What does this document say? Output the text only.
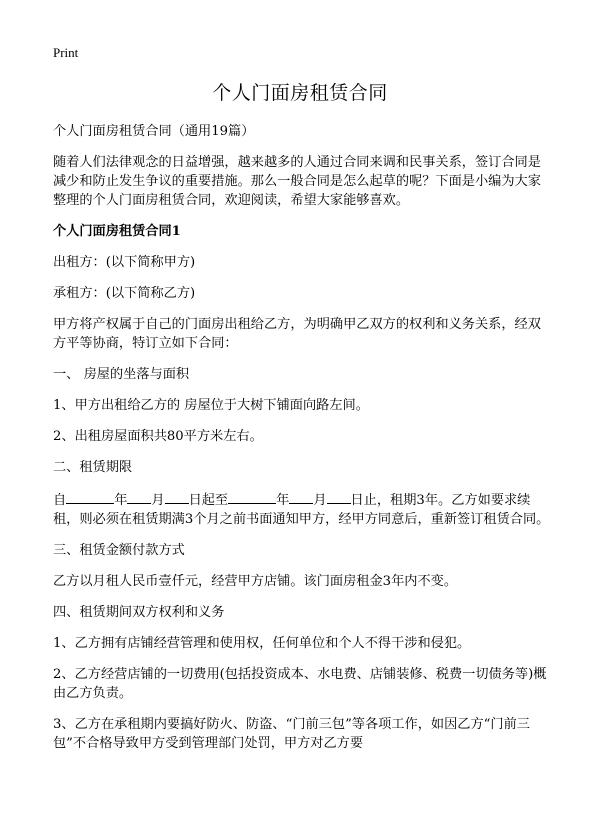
Print
个人门面房租赁合同

个人门面房租赁合同（通用19篇）

随着人们法律观念的日益增强，越来越多的人通过合同来调和民事关系，签订合同是减少和防止发生争议的重要措施。那么一般合同是怎么起草的呢？下面是小编为大家整理的个人门面房租赁合同，欢迎阅读，希望大家能够喜欢。

个人门面房租赁合同1

出租方：(以下简称甲方)

承租方：(以下简称乙方)

甲方将产权属于自己的门面房出租给乙方，为明确甲乙双方的权利和义务关系，经双方平等协商，特订立如下合同：

一、 房屋的坐落与面积

1、甲方出租给乙方的 房屋位于大树下铺面向路左间。

2、出租房屋面积共80平方米左右。

二、租赁期限

自	年 月 日起至	年 月 日止，租期3年。乙方如要求续租，则必须在租赁期满3个月之前书面通知甲方，经甲方同意后，重新签订租赁合同。

三、租赁金额付款方式

乙方以月租人民币壹仟元，经营甲方店铺。该门面房租金3年内不变。

四、租赁期间双方权利和义务

1、乙方拥有店铺经营管理和使用权，任何单位和个人不得干涉和侵犯。

2、乙方经营店铺的一切费用(包括投资成本、水电费、店铺装修、税费一切债务等)概由乙方负责。

3、乙方在承租期内要搞好防火、防盗、“门前三包”等各项工作，如因乙方“门前三包”不合格导致甲方受到管理部门处罚，甲方对乙方要
